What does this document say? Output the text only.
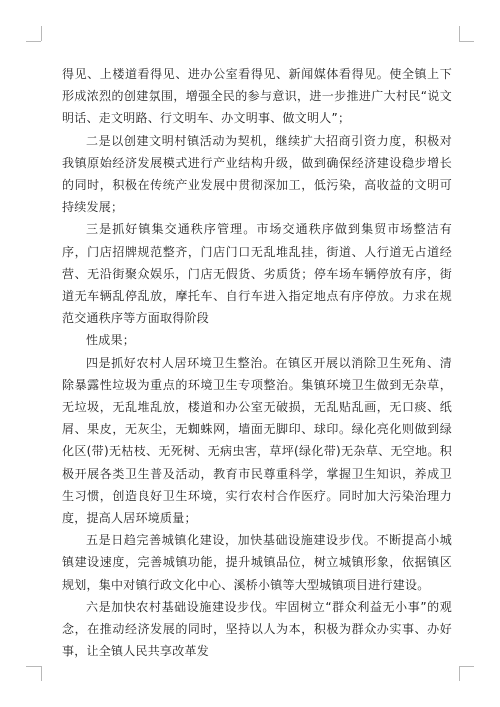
得见、上楼道看得见、进办公室看得见、新闻媒体看得见。使全镇上下形成浓烈的创建氛围，增强全民的参与意识，进一步推进广大村民“说文明话、走文明路、行文明车、办文明事、做文明人”；

二是以创建文明村镇活动为契机，继续扩大招商引资力度，积极对我镇原始经济发展模式进行产业结构升级，做到确保经济建设稳步增长的同时，积极在传统产业发展中贯彻深加工，低污染，高收益的文明可持续发展；

三是抓好镇集交通秩序管理。市场交通秩序做到集贸市场整洁有序，门店招牌规范整齐，门店门口无乱堆乱挂，街道、人行道无占道经营、无沿街聚众娱乐，门店无假货、劣质货；停车场车辆停放有序，街道无车辆乱停乱放，摩托车、自行车进入指定地点有序停放。力求在规范交通秩序等方面取得阶段

性成果；

四是抓好农村人居环境卫生整治。在镇区开展以消除卫生死角、清除暴露性垃圾为重点的环境卫生专项整治。集镇环境卫生做到无杂草，无垃圾，无乱堆乱放，楼道和办公室无破损，无乱贴乱画，无口痰、纸屑、果皮，无灰尘，无蜘蛛网，墙面无脚印、球印。绿化亮化则做到绿化区(带)无枯枝、无死树、无病虫害，草坪(绿化带)无杂草、无空地。积极开展各类卫生普及活动，教育市民尊重科学，掌握卫生知识，养成卫生习惯，创造良好卫生环境，实行农村合作医疗。同时加大污染治理力度，提高人居环境质量；

五是日趋完善城镇化建设，加快基础设施建设步伐。不断提高小城镇建设速度，完善城镇功能，提升城镇品位，树立城镇形象，依据镇区规划，集中对镇行政文化中心、溪桥小镇等大型城镇项目进行建设。

六是加快农村基础设施建设步伐。牢固树立“群众利益无小事”的观念，在推动经济发展的同时，坚持以人为本，积极为群众办实事、办好事，让全镇人民共享改革发
